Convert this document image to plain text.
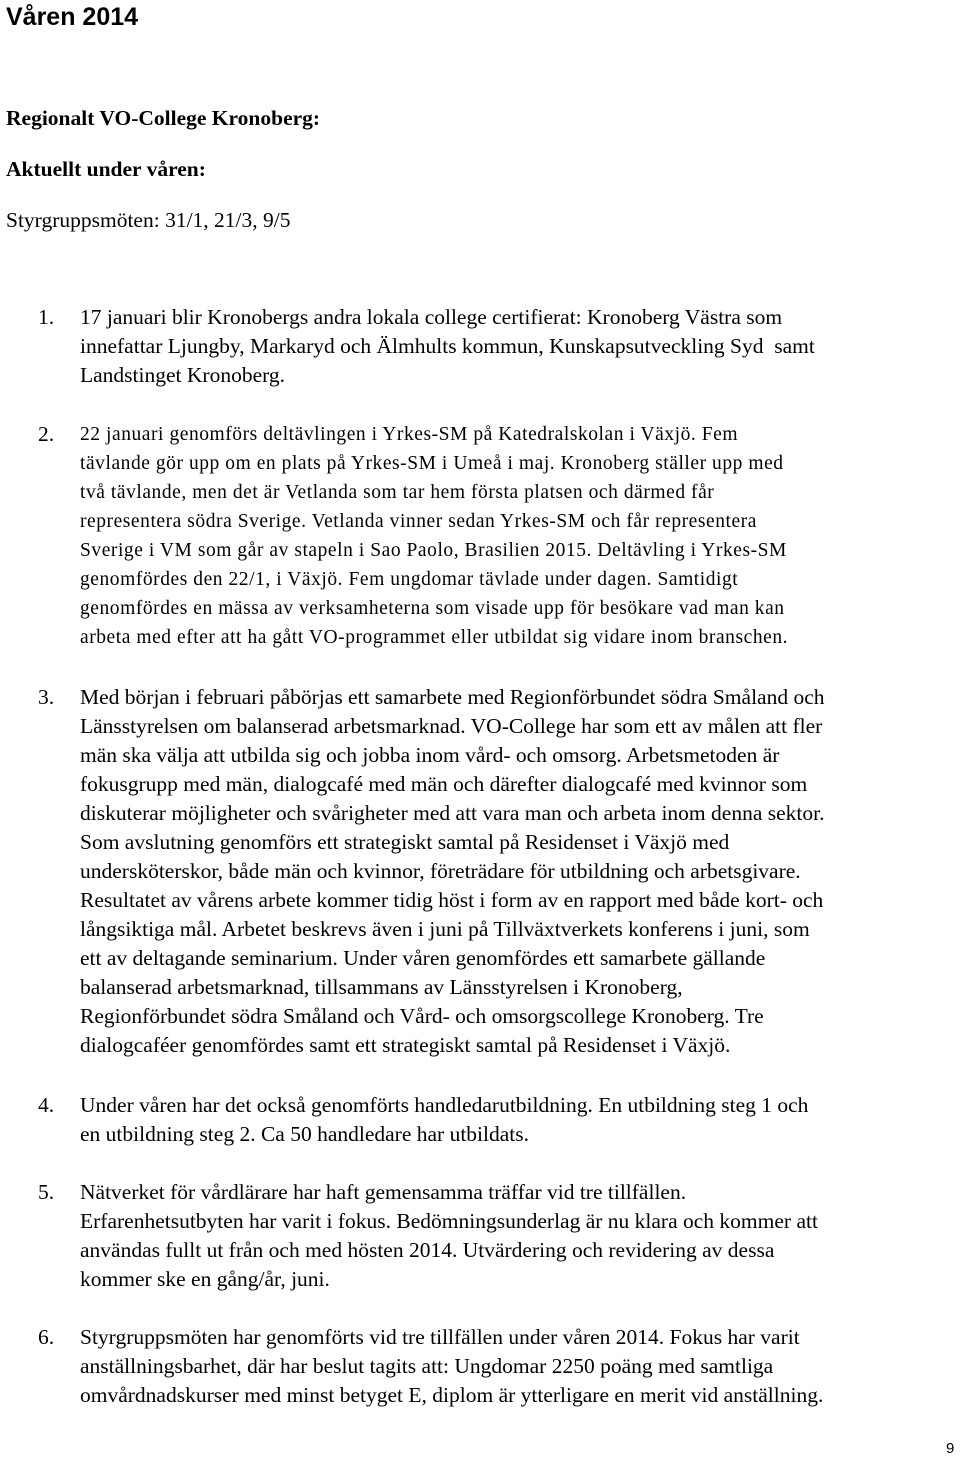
Våren 2014
Regionalt VO-College Kronoberg:
Aktuellt under våren:

Styrgruppsmöten: 31/1, 21/3, 9/5

1. 17 januari blir Kronobergs andra lokala college certifierat: Kronoberg Västra som
innefattar Ljungby, Markaryd och Älmhults kommun, Kunskapsutveckling Syd  samt
Landstinget Kronoberg.
2. 22 januari genomförs deltävlingen i Yrkes-SM på Katedralskolan i Växjö. Fem
tävlande gör upp om en plats på Yrkes-SM i Umeå i maj. Kronoberg ställer upp med
två tävlande, men det är Vetlanda som tar hem första platsen och därmed får
representera södra Sverige. Vetlanda vinner sedan Yrkes-SM och får representera
Sverige i VM som går av stapeln i Sao Paolo, Brasilien 2015. Deltävling i Yrkes-SM
genomfördes den 22/1, i Växjö. Fem ungdomar tävlade under dagen. Samtidigt
genomfördes en mässa av verksamheterna som visade upp för besökare vad man kan
arbeta med efter att ha gått VO-programmet eller utbildat sig vidare inom branschen.
3. Med början i februari påbörjas ett samarbete med Regionförbundet södra Småland och
Länsstyrelsen om balanserad arbetsmarknad. VO-College har som ett av målen att fler
män ska välja att utbilda sig och jobba inom vård- och omsorg. Arbetsmetoden är
fokusgrupp med män, dialogcafé med män och därefter dialogcafé med kvinnor som
diskuterar möjligheter och svårigheter med att vara man och arbeta inom denna sektor.
Som avslutning genomförs ett strategiskt samtal på Residenset i Växjö med
undersköterskor, både män och kvinnor, företrädare för utbildning och arbetsgivare.
Resultatet av vårens arbete kommer tidig höst i form av en rapport med både kort- och
långsiktiga mål. Arbetet beskrevs även i juni på Tillväxtverkets konferens i juni, som
ett av deltagande seminarium. Under våren genomfördes ett samarbete gällande
balanserad arbetsmarknad, tillsammans av Länsstyrelsen i Kronoberg,
Regionförbundet södra Småland och Vård- och omsorgscollege Kronoberg. Tre
dialogcaféer genomfördes samt ett strategiskt samtal på Residenset i Växjö.
4. Under våren har det också genomförts handledarutbildning. En utbildning steg 1 och
en utbildning steg 2. Ca 50 handledare har utbildats.
5. Nätverket för vårdlärare har haft gemensamma träffar vid tre tillfällen.
Erfarenhetsutbyten har varit i fokus. Bedömningsunderlag är nu klara och kommer att
användas fullt ut från och med hösten 2014. Utvärdering och revidering av dessa
kommer ske en gång/år, juni.
6. Styrgruppsmöten har genomförts vid tre tillfällen under våren 2014. Fokus har varit
anställningsbarhet, där har beslut tagits att: Ungdomar 2250 poäng med samtliga
omvårdnadskurser med minst betyget E, diplom är ytterligare en merit vid anställning.
9
